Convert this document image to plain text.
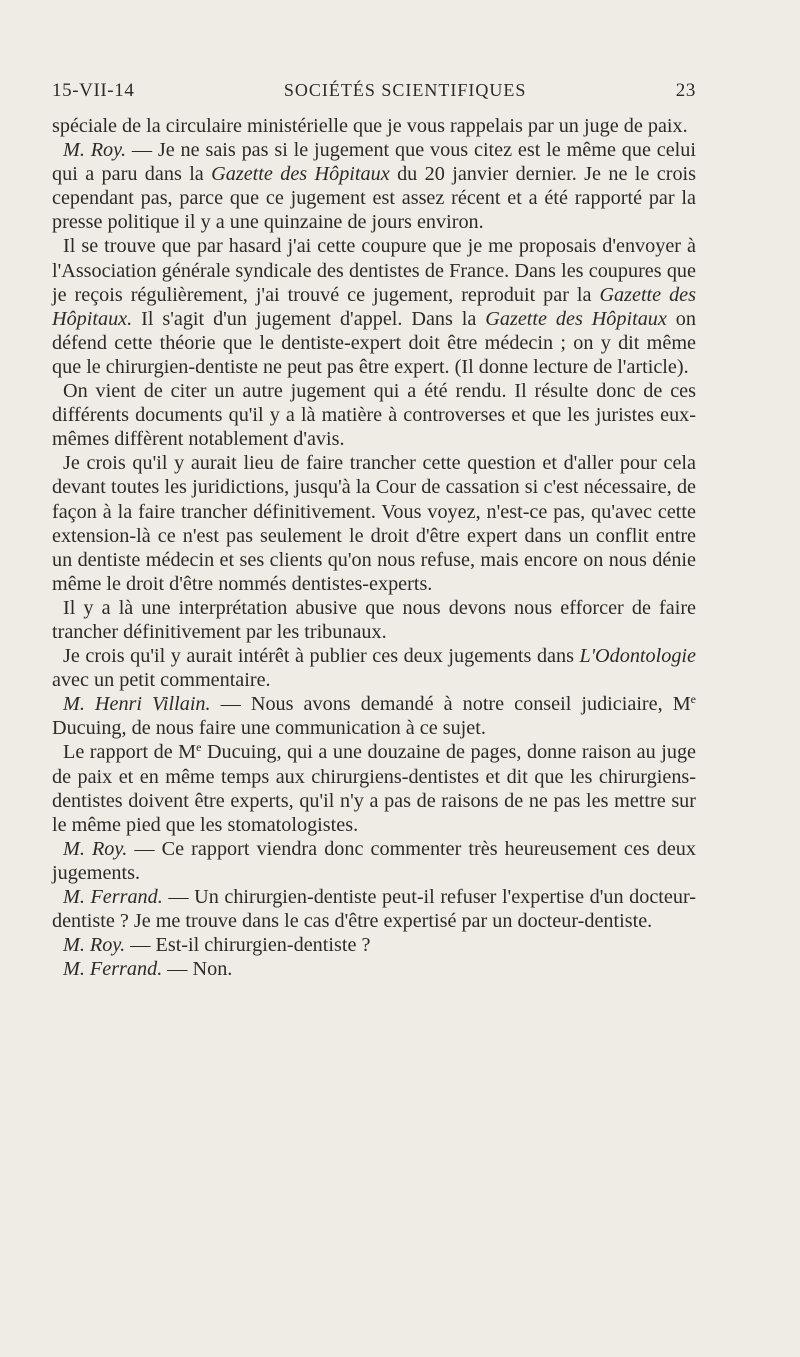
15-VII-14	SOCIÉTÉS SCIENTIFIQUES	23

spéciale de la circulaire ministérielle que je vous rappelais par un juge de paix.

M. Roy. — Je ne sais pas si le jugement que vous citez est le même que celui qui a paru dans la Gazette des Hôpitaux du 20 janvier dernier. Je ne le crois cependant pas, parce que ce jugement est assez récent et a été rapporté par la presse politique il y a une quinzaine de jours environ.

Il se trouve que par hasard j'ai cette coupure que je me proposais d'envoyer à l'Association générale syndicale des dentistes de France. Dans les coupures que je reçois régulièrement, j'ai trouvé ce jugement, reproduit par la Gazette des Hôpitaux. Il s'agit d'un jugement d'appel. Dans la Gazette des Hôpitaux on défend cette théorie que le dentiste-expert doit être médecin ; on y dit même que le chirurgien-dentiste ne peut pas être expert. (Il donne lecture de l'article).

On vient de citer un autre jugement qui a été rendu. Il résulte donc de ces différents documents qu'il y a là matière à controverses et que les juristes eux-mêmes diffèrent notablement d'avis.

Je crois qu'il y aurait lieu de faire trancher cette question et d'aller pour cela devant toutes les juridictions, jusqu'à la Cour de cassation si c'est nécessaire, de façon à la faire trancher définitivement. Vous voyez, n'est-ce pas, qu'avec cette extension-là ce n'est pas seulement le droit d'être expert dans un conflit entre un dentiste médecin et ses clients qu'on nous refuse, mais encore on nous dénie même le droit d'être nommés dentistes-experts.

Il y a là une interprétation abusive que nous devons nous efforcer de faire trancher définitivement par les tribunaux.

Je crois qu'il y aurait intérêt à publier ces deux jugements dans L'Odontologie avec un petit commentaire.

M. Henri Villain. — Nous avons demandé à notre conseil judiciaire, Me Ducuing, de nous faire une communication à ce sujet.

Le rapport de Me Ducuing, qui a une douzaine de pages, donne raison au juge de paix et en même temps aux chirurgiens-dentistes et dit que les chirurgiens-dentistes doivent être experts, qu'il n'y a pas de raisons de ne pas les mettre sur le même pied que les stomatologistes.

M. Roy. — Ce rapport viendra donc commenter très heureusement ces deux jugements.

M. Ferrand. — Un chirurgien-dentiste peut-il refuser l'expertise d'un docteur-dentiste ? Je me trouve dans le cas d'être expertisé par un docteur-dentiste.

M. Roy. — Est-il chirurgien-dentiste ?

M. Ferrand. — Non.
